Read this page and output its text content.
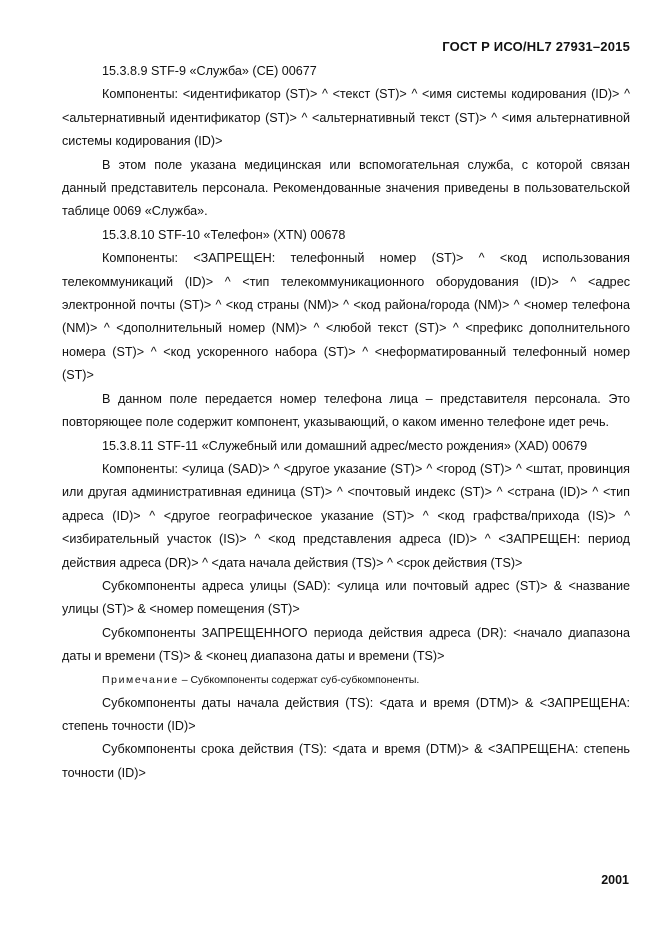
ГОСТ Р ИСО/HL7 27931–2015

15.3.8.9 STF-9 «Служба» (CE) 00677

Компоненты: <идентификатор (ST)> ^ <текст (ST)> ^ <имя системы кодирования (ID)> ^ <альтернативный идентификатор (ST)> ^ <альтернативный текст (ST)> ^ <имя альтернативной системы кодирования (ID)>

В этом поле указана медицинская или вспомогательная служба, с которой связан данный представитель персонала. Рекомендованные значения приведены в пользовательской таблице 0069 «Служба».

15.3.8.10 STF-10 «Телефон» (XTN) 00678

Компоненты: <ЗАПРЕЩЕН: телефонный номер (ST)> ^ <код использования телекоммуникаций (ID)> ^ <тип телекоммуникационного оборудования (ID)> ^ <адрес электронной почты (ST)> ^ <код страны (NM)> ^ <код района/города (NM)> ^ <номер телефона (NM)> ^ <дополнительный номер (NM)> ^ <любой текст (ST)> ^ <префикс дополнительного номера (ST)> ^ <код ускоренного набора (ST)> ^ <неформатированный телефонный номер (ST)>

В данном поле передается номер телефона лица – представителя персонала. Это повторяющее поле содержит компонент, указывающий, о каком именно телефоне идет речь.

15.3.8.11 STF-11 «Служебный или домашний адрес/место рождения» (XAD) 00679

Компоненты: <улица (SAD)> ^ <другое указание (ST)> ^ <город (ST)> ^ <штат, провинция или другая административная единица (ST)> ^ <почтовый индекс (ST)> ^ <страна (ID)> ^ <тип адреса (ID)> ^ <другое географическое указание (ST)> ^ <код графства/прихода (IS)> ^ <избирательный участок (IS)> ^ <код представления адреса (ID)> ^ <ЗАПРЕЩЕН: период действия адреса (DR)> ^ <дата начала действия (TS)> ^ <срок действия (TS)>

Субкомпоненты адреса улицы (SAD): <улица или почтовый адрес (ST)> & <название улицы (ST)> & <номер помещения (ST)>

Субкомпоненты ЗАПРЕЩЕННОГО периода действия адреса (DR): <начало диапазона даты и времени (TS)> & <конец диапазона даты и времени (TS)>

Примечание – Субкомпоненты содержат суб-субкомпоненты.

Субкомпоненты даты начала действия (TS): <дата и время (DTM)> & <ЗАПРЕЩЕНА: степень точности (ID)>

Субкомпоненты срока действия (TS): <дата и время (DTM)> & <ЗАПРЕЩЕНА: степень точности (ID)>

2001
